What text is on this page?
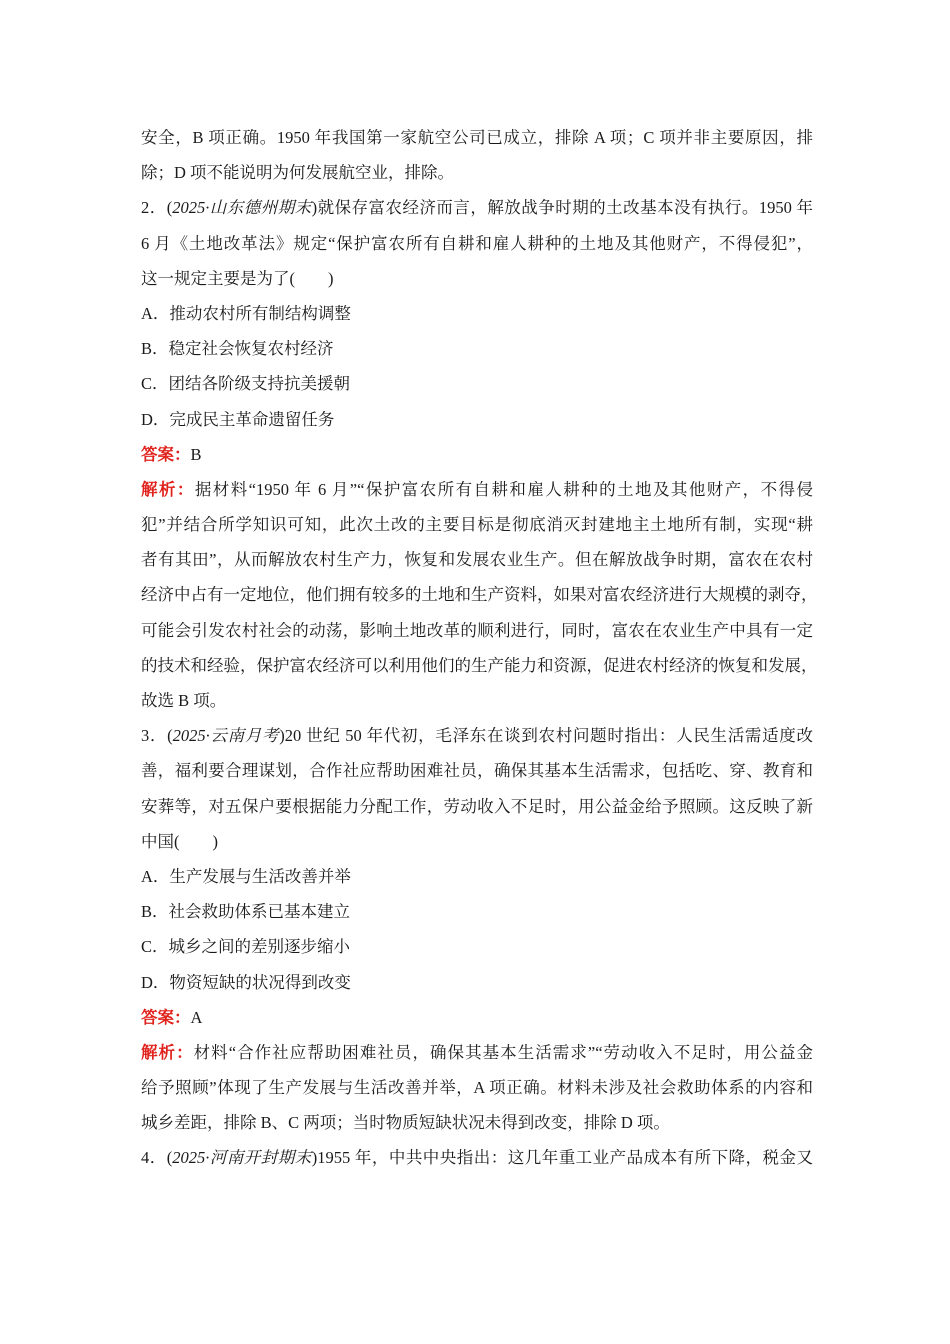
安全，B 项正确。1950 年我国第一家航空公司已成立，排除 A 项；C 项并非主要原因，排
除；D 项不能说明为何发展航空业，排除。
2．(2025·山东德州期末)就保存富农经济而言，解放战争时期的土改基本没有执行。1950 年
6 月《土地改革法》规定“保护富农所有自耕和雇人耕种的土地及其他财产，不得侵犯”，
这一规定主要是为了(　　)
A．推动农村所有制结构调整
B．稳定社会恢复农村经济
C．团结各阶级支持抗美援朝
D．完成民主革命遗留任务
答案：B
解析：据材料“1950 年 6 月”“保护富农所有自耕和雇人耕种的土地及其他财产，不得侵
犯”并结合所学知识可知，此次土改的主要目标是彻底消灭封建地主土地所有制，实现“耕
者有其田”，从而解放农村生产力，恢复和发展农业生产。但在解放战争时期，富农在农村
经济中占有一定地位，他们拥有较多的土地和生产资料，如果对富农经济进行大规模的剥夺，
可能会引发农村社会的动荡，影响土地改革的顺利进行，同时，富农在农业生产中具有一定
的技术和经验，保护富农经济可以利用他们的生产能力和资源，促进农村经济的恢复和发展，
故选 B 项。
3．(2025·云南月考)20 世纪 50 年代初，毛泽东在谈到农村问题时指出：人民生活需适度改
善，福利要合理谋划，合作社应帮助困难社员，确保其基本生活需求，包括吃、穿、教育和
安葬等，对五保户要根据能力分配工作，劳动收入不足时，用公益金给予照顾。这反映了新
中国(　　)
A．生产发展与生活改善并举
B．社会救助体系已基本建立
C．城乡之间的差别逐步缩小
D．物资短缺的状况得到改变
答案：A
解析：材料“合作社应帮助困难社员，确保其基本生活需求”“劳动收入不足时，用公益金
给予照顾”体现了生产发展与生活改善并举，A 项正确。材料未涉及社会救助体系的内容和
城乡差距，排除 B、C 两项；当时物质短缺状况未得到改变，排除 D 项。
4．(2025·河南开封期末)1955 年，中共中央指出：这几年重工业产品成本有所下降，税金又
